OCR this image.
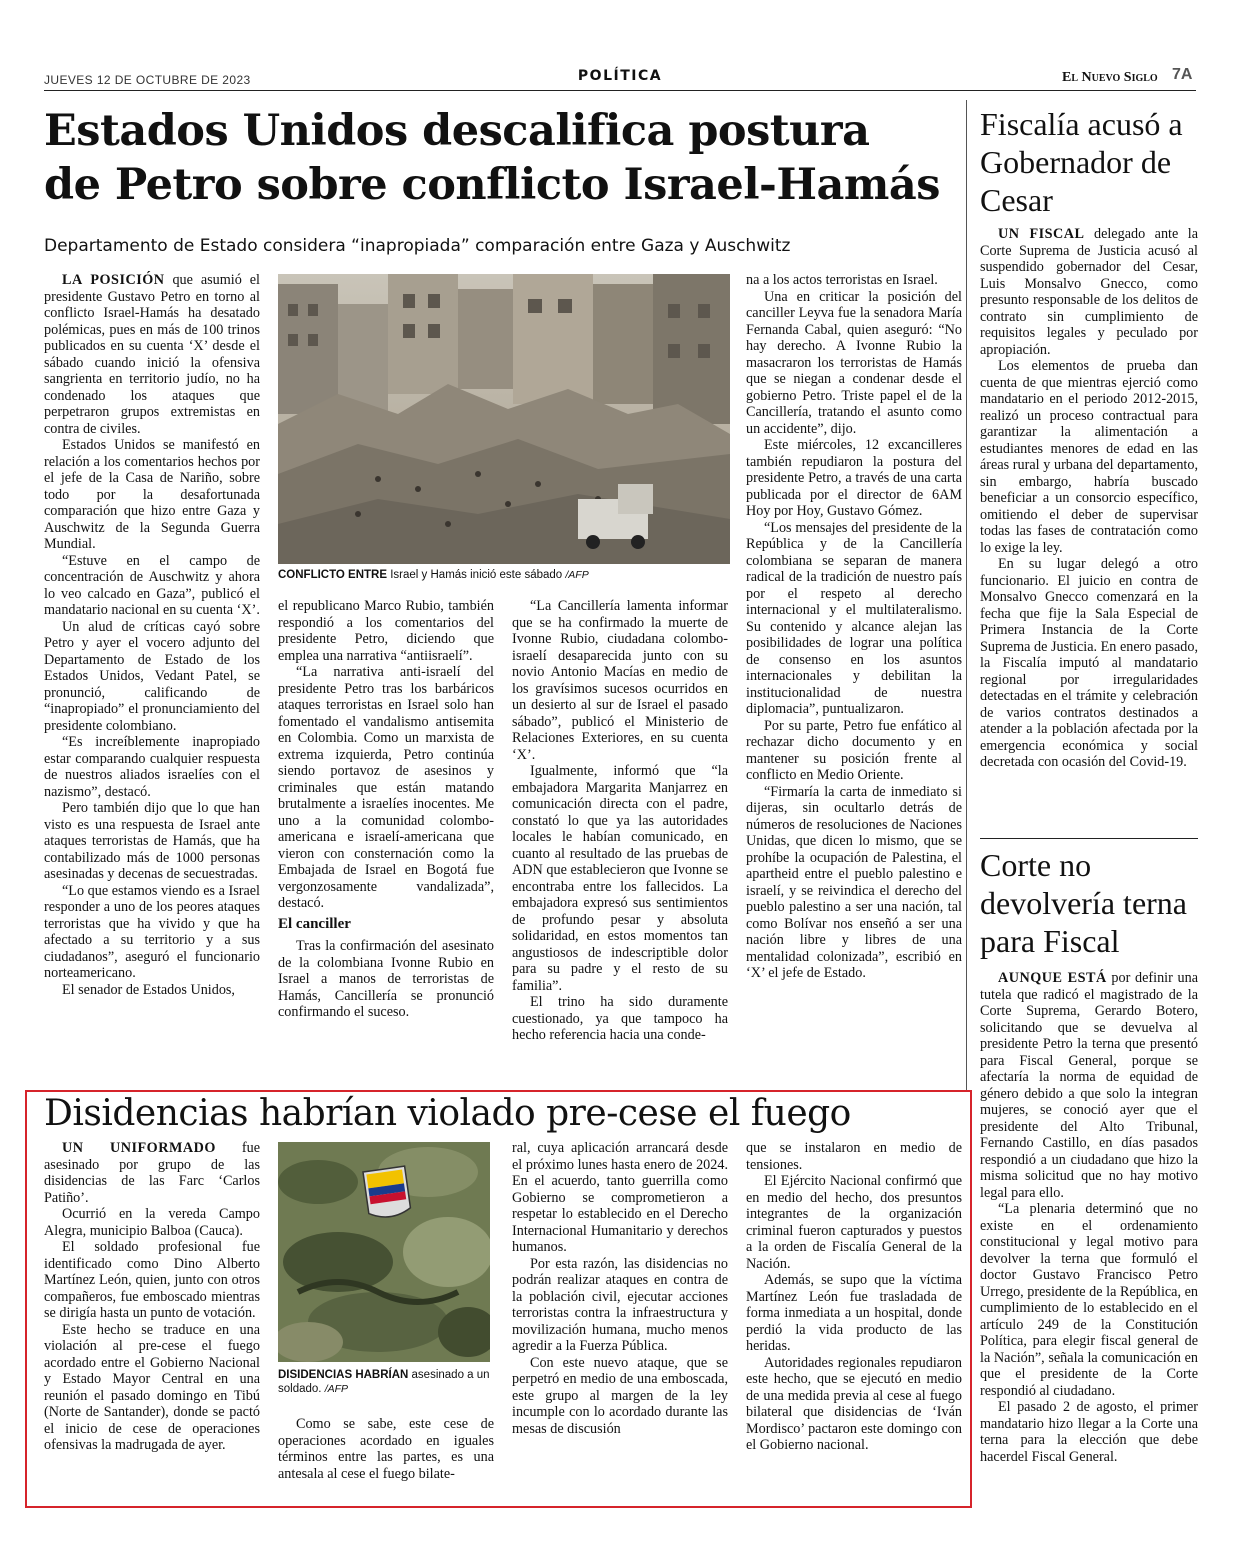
JUEVES 12 DE OCTUBRE DE 2023	POLÍTICA	El Nuevo Siglo 7A
Estados Unidos descalifica postura
de Petro sobre conflicto Israel-Hamás
Departamento de Estado considera “inapropiada” comparación entre Gaza y Auschwitz

LA POSICIÓN que asumió el presidente Gustavo Petro en torno al conflicto Israel-Hamás ha desatado polémicas, pues en más de 100 trinos publicados en su cuenta ‘X’ desde el sábado cuando inició la ofensiva sangrienta en territorio judío, no ha condenado los ataques que perpetraron grupos extremistas en contra de civiles.

Estados Unidos se manifestó en relación a los comentarios hechos por el jefe de la Casa de Nariño, sobre todo por la desafortunada comparación que hizo entre Gaza y Auschwitz de la Segunda Guerra Mundial.

“Estuve en el campo de concentración de Auschwitz y ahora lo veo calcado en Gaza”, publicó el mandatario nacional en su cuenta ‘X’.

Un alud de críticas cayó sobre Petro y ayer el vocero adjunto del Departamento de Estado de los Estados Unidos, Vedant Patel, se pronunció, calificando de “inapropiado” el pronunciamiento del presidente colombiano.

“Es increíblemente inapropiado estar comparando cualquier respuesta de nuestros aliados israelíes con el nazismo”, destacó.

Pero también dijo que lo que han visto es una respuesta de Israel ante ataques terroristas de Hamás, que ha contabilizado más de 1000 personas asesinadas y decenas de secuestradas.

“Lo que estamos viendo es a Israel responder a uno de los peores ataques terroristas que ha vivido y que ha afectado a su territorio y a sus ciudadanos”, aseguró el funcionario norteamericano.

El senador de Estados Unidos,

CONFLICTO ENTRE Israel y Hamás inició este sábado /AFP

el republicano Marco Rubio, también respondió a los comentarios del presidente Petro, diciendo que emplea una narrativa “antiisraelí”.

“La narrativa anti-israelí del presidente Petro tras los barbáricos ataques terroristas en Israel solo han fomentado el vandalismo antisemita en Colombia. Como un marxista de extrema izquierda, Petro continúa siendo portavoz de asesinos y criminales que están matando brutalmente a israelíes inocentes. Me uno a la comunidad colombo-americana e israelí-americana que vieron con consternación como la Embajada de Israel en Bogotá fue vergonzosamente vandalizada”, destacó.

El canciller

Tras la confirmación del asesinato de la colombiana Ivonne Rubio en Israel a manos de terroristas de Hamás, Cancillería se pronunció confirmando el suceso.

“La Cancillería lamenta informar que se ha confirmado la muerte de Ivonne Rubio, ciudadana colombo-israelí desaparecida junto con su novio Antonio Macías en medio de los gravísimos sucesos ocurridos en un desierto al sur de Israel el pasado sábado”, publicó el Ministerio de Relaciones Exteriores, en su cuenta ‘X’.

Igualmente, informó que “la embajadora Margarita Manjarrez en comunicación directa con el padre, constató lo que ya las autoridades locales le habían comunicado, en cuanto al resultado de las pruebas de ADN que establecieron que Ivonne se encontraba entre los fallecidos. La embajadora expresó sus sentimientos de profundo pesar y absoluta solidaridad, en estos momentos tan angustiosos de indescriptible dolor para su padre y el resto de su familia”.

El trino ha sido duramente cuestionado, ya que tampoco ha hecho referencia hacia una conde-

na a los actos terroristas en Israel.

Una en criticar la posición del canciller Leyva fue la senadora María Fernanda Cabal, quien aseguró: “No hay derecho. A Ivonne Rubio la masacraron los terroristas de Hamás que se niegan a condenar desde el gobierno Petro. Triste papel el de la Cancillería, tratando el asunto como un accidente”, dijo.

Este miércoles, 12 excancilleres también repudiaron la postura del presidente Petro, a través de una carta publicada por el director de 6AM Hoy por Hoy, Gustavo Gómez.

“Los mensajes del presidente de la República y de la Cancillería colombiana se separan de manera radical de la tradición de nuestro país por el respeto al derecho internacional y el multilateralismo. Su contenido y alcance alejan las posibilidades de lograr una política de consenso en los asuntos internacionales y debilitan la institucionalidad de nuestra diplomacia”, puntualizaron.

Por su parte, Petro fue enfático al rechazar dicho documento y en mantener su posición frente al conflicto en Medio Oriente.

“Firmaría la carta de inmediato si dijeras, sin ocultarlo detrás de números de resoluciones de Naciones Unidas, que dicen lo mismo, que se prohíbe la ocupación de Palestina, el apartheid entre el pueblo palestino e israelí, y se reivindica el derecho del pueblo palestino a ser una nación, tal como Bolívar nos enseñó a ser una nación libre y libres de una mentalidad colonizada”, escribió en ‘X’ el jefe de Estado.

Fiscalía acusó a Gobernador de Cesar

UN FISCAL delegado ante la Corte Suprema de Justicia acusó al suspendido gobernador del Cesar, Luis Monsalvo Gnecco, como presunto responsable de los delitos de contrato sin cumplimiento de requisitos legales y peculado por apropiación.

Los elementos de prueba dan cuenta de que mientras ejerció como mandatario en el periodo 2012-2015, realizó un proceso contractual para garantizar la alimentación a estudiantes menores de edad en las áreas rural y urbana del departamento, sin embargo, habría buscado beneficiar a un consorcio específico, omitiendo el deber de supervisar todas las fases de contratación como lo exige la ley.

En su lugar delegó a otro funcionario. El juicio en contra de Monsalvo Gnecco comenzará en la fecha que fije la Sala Especial de Primera Instancia de la Corte Suprema de Justicia. En enero pasado, la Fiscalía imputó al mandatario regional por irregularidades detectadas en el trámite y celebración de varios contratos destinados a atender a la población afectada por la emergencia económica y social decretada con ocasión del Covid-19.

Corte no devolvería terna para Fiscal

AUNQUE ESTÁ por definir una tutela que radicó el magistrado de la Corte Suprema, Gerardo Botero, solicitando que se devuelva al presidente Petro la terna que presentó para Fiscal General, porque se afectaría la norma de equidad de género debido a que solo la integran mujeres, se conoció ayer que el presidente del Alto Tribunal, Fernando Castillo, en días pasados respondió a un ciudadano que hizo la misma solicitud que no hay motivo legal para ello.

“La plenaria determinó que no existe en el ordenamiento constitucional y legal motivo para devolver la terna que formuló el doctor Gustavo Francisco Petro Urrego, presidente de la República, en cumplimiento de lo establecido en el artículo 249 de la Constitución Política, para elegir fiscal general de la Nación”, señala la comunicación en que el presidente de la Corte respondió al ciudadano.

El pasado 2 de agosto, el primer mandatario hizo llegar a la Corte una terna para la elección que debe hacerdel Fiscal General.

Disidencias habrían violado pre-cese el fuego

UN UNIFORMADO fue asesinado por grupo de las disidencias de las Farc ‘Carlos Patiño’.

Ocurrió en la vereda Campo Alegra, municipio Balboa (Cauca).

El soldado profesional fue identificado como Dino Alberto Martínez León, quien, junto con otros compañeros, fue emboscado mientras se dirigía hasta un punto de votación.

Este hecho se traduce en una violación al pre-cese el fuego acordado entre el Gobierno Nacional y Estado Mayor Central en una reunión el pasado domingo en Tibú (Norte de Santander), donde se pactó el inicio de cese de operaciones ofensivas la madrugada de ayer.

DISIDENCIAS HABRÍAN asesinado a un soldado. /AFP

Como se sabe, este cese de operaciones acordado en iguales términos entre las partes, es una antesala al cese el fuego bilate-

ral, cuya aplicación arrancará desde el próximo lunes hasta enero de 2024. En el acuerdo, tanto guerrilla como Gobierno se comprometieron a respetar lo establecido en el Derecho Internacional Humanitario y derechos humanos.

Por esta razón, las disidencias no podrán realizar ataques en contra de la población civil, ejecutar acciones terroristas contra la infraestructura y movilización humana, mucho menos agredir a la Fuerza Pública.

Con este nuevo ataque, que se perpetró en medio de una emboscada, este grupo al margen de la ley incumple con lo acordado durante las mesas de discusión

que se instalaron en medio de tensiones.

El Ejército Nacional confirmó que en medio del hecho, dos presuntos integrantes de la organización criminal fueron capturados y puestos a la orden de Fiscalía General de la Nación.

Además, se supo que la víctima Martínez León fue trasladada de forma inmediata a un hospital, donde perdió la vida producto de las heridas.

Autoridades regionales repudiaron este hecho, que se ejecutó en medio de una medida previa al cese al fuego bilateral que disidencias de ‘Iván Mordisco’ pactaron este domingo con el Gobierno nacional.
